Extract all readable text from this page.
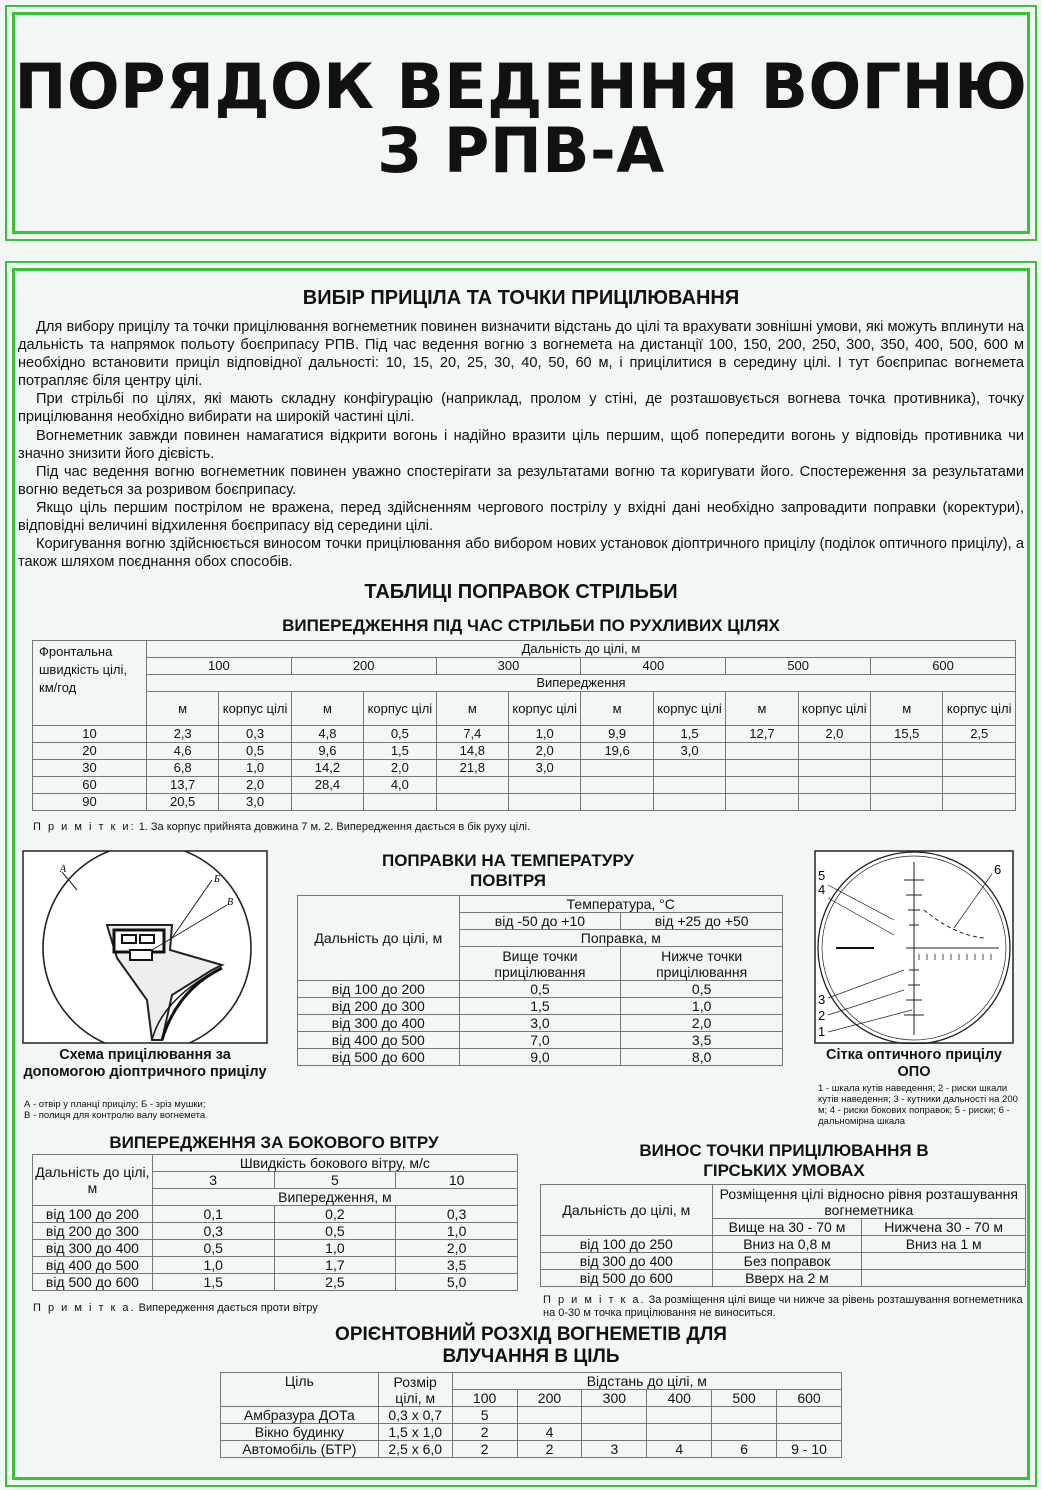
ПОРЯДОК ВЕДЕННЯ ВОГНЮ
З РПВ-А
ВИБІР ПРИЦІЛА ТА ТОЧКИ ПРИЦІЛЮВАННЯ

Для вибору прицілу та точки прицілювання вогнеметник повинен визначити відстань до цілі та врахувати зовнішні умови, які можуть вплинути на дальність та напрямок польоту боєприпасу РПВ. Під час ведення вогню з вогнемета на дистанції 100, 150, 200, 250, 300, 350, 400, 500, 600 м необхідно встановити приціл відповідної дальності: 10, 15, 20, 25, 30, 40, 50, 60 м, і прицілитися в середину цілі. І тут боєприпас вогнемета потрапляє біля центру цілі.

При стрільбі по цілях, які мають складну конфігурацію (наприклад, пролом у стіні, де розташовується вогнева точка противника), точку прицілювання необхідно вибирати на широкій частині цілі.

Вогнеметник завжди повинен намагатися відкрити вогонь і надійно вразити ціль першим, щоб попередити вогонь у відповідь противника чи значно знизити його дієвість.

Під час ведення вогню вогнеметник повинен уважно спостерігати за результатами вогню та коригувати його. Спостереження за результатами вогню ведеться за розривом боєприпасу.

Якщо ціль першим пострілом не вражена, перед здійсненням чергового пострілу у вхідні дані необхідно запровадити поправки (коректури), відповідні величині відхилення боєприпасу від середини цілі.

Коригування вогню здійснюється виносом точки прицілювання або вибором нових установок діоптричного прицілу (поділок оптичного прицілу), а також шляхом поєднання обох способів.

ТАБЛИЦІ ПОПРАВОК СТРІЛЬБИ
ВИПЕРЕДЖЕННЯ ПІД ЧАС СТРІЛЬБИ ПО РУХЛИВИХ ЦІЛЯХ
Фронтальна швидкість цілі, км/год	Дальність до цілі, м											
	100		200		300		400		500		600	
	Випередження											
	м	корпус цілі	м	корпус цілі	м	корпус цілі	м	корпус цілі	м	корпус цілі	м	корпус цілі
10	2,3	0,3	4,8	0,5	7,4	1,0	9,9	1,5	12,7	2,0	15,5	2,5
20	4,6	0,5	9,6	1,5	14,8	2,0	19,6	3,0				
30	6,8	1,0	14,2	2,0	21,8	3,0						
60	13,7	2,0	28,4	4,0								
90	20,5	3,0										
П р и м і т к и: 1. За корпус прийнята довжина 7 м. 2. Випередження дається в бік руху цілі.
А
Б
В
Схема прицілювання за допомогою діоптричного прицілу
А - отвір у планці прицілу; Б - зріз мушки;
В - полиця для контролю валу вогнемета
ПОПРАВКИ НА ТЕМПЕРАТУРУ
ПОВІТРЯ
Дальність до цілі, м	Температура, °С	
	від -50 до +10	від +25 до +50
	Поправка, м	
	Вище точки прицілювання	Нижче точки прицілювання
від 100 до 200	0,5	0,5
від 200 до 300	1,5	1,0
від 300 до 400	3,0	2,0
від 400 до 500	7,0	3,5
від 500 до 600	9,0	8,0
5
4
3
2
1
6
Сітка оптичного прицілу ОПО
1 - шкала кутів наведення; 2 - риски шкали кутів наведення; 3 - кутники дальності на 200 м; 4 - риски бокових поправок; 5 - риски; 6 - дальномірна шкала
ВИПЕРЕДЖЕННЯ ЗА БОКОВОГО ВІТРУ
Дальність до цілі, м	Швидкість бокового вітру, м/с		
	3	5	10
	Випередження, м		
від 100 до 200	0,1	0,2	0,3
від 200 до 300	0,3	0,5	1,0
від 300 до 400	0,5	1,0	2,0
від 400 до 500	1,0	1,7	3,5
від 500 до 600	1,5	2,5	5,0
П р и м і т к а. Випередження дається проти вітру
ВИНОС ТОЧКИ ПРИЦІЛЮВАННЯ В
ГІРСЬКИХ УМОВАХ
Дальність до цілі, м	Розміщення цілі відносно рівня розташування вогнеметника	
	Вище на 30 - 70 м	Нижчена 30 - 70 м
від 100 до 250	Вниз на 0,8 м	Вниз на 1 м
від 300 до 400	Без поправок	
від 500 до 600	Вверх на 2 м	
П р и м і т к а. За розміщення цілі вище чи нижче за рівень розташування вогнеметника на 0-30 м точка прицілювання не виноситься.
ОРІЄНТОВНИЙ РОЗХІД ВОГНЕМЕТІВ ДЛЯ
ВЛУЧАННЯ В ЦІЛЬ
Ціль	Розмір цілі, м	Відстань до цілі, м					
		100	200	300	400	500	600
Амбразура ДОТа	0,3 х 0,7	5					
Вікно будинку	1,5 х 1,0	2	4				
Автомобіль (БТР)	2,5 х 6,0	2	2	3	4	6	9 - 10
